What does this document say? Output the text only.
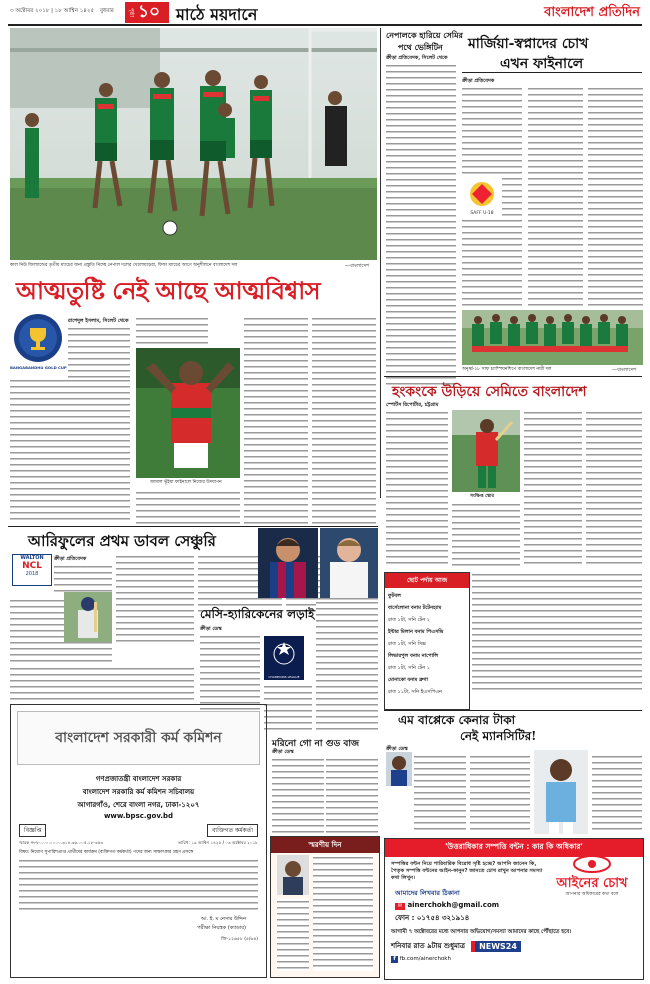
৩ অক্টোবর ২০১৮ | ১৮ আশ্বিন ১৪২৫ বুধবার	পৃষ্ঠা ১০ মাঠে ময়দানে	বাংলাদেশ প্রতিদিন
কাল নিউ জিল্যান্ডের তৃতীয় ম্যাচের জন্য প্রস্তুতি নিচ্ছে নেপাল দলের খেলোয়াড়রা, ফিফা ম্যাচের আগে অনুশীলনে বাংলাদেশ দল	—বাংলাদেশ
নেপালকে হারিয়ে সেমির
পথে ভেঙ্গিটিন
ক্রীড়া প্রতিবেদক, সিলেট থেকে
মার্জিয়া-স্বপ্নাদের চোখ
এখন ফাইনালে
ক্রীড়া প্রতিবেদক
SAFF U-18
অনূর্ধ্ব-১৮ সাফ চ্যাম্পিয়নশিপে বাংলাদেশ নারী দল	—বাংলাদেশ
আত্মতুষ্টি নেই আছে আত্মবিশ্বাস
BANGABANDHU GOLD CUP
রাশেদুল ইসলাম, সিলেট থেকে
জামাল ভূঁইয়া ফাইনালে নিজের উদযাপন
হংকংকে উড়িয়ে সেমিতে বাংলাদেশ
স্পোর্টস রিপোর্টার, চট্টগ্রাম
সংক্ষিপ্ত স্কোর
আরিফুলের প্রথম ডাবল সেঞ্চুরি
WALTON
NCL
2018
ক্রীড়া প্রতিবেদক
মেসি-হ্যারিকেনের লড়াই
ক্রীড়া ডেস্ক
CHAMPIONS LEAGUE
ছোট পর্দায় আজ
ফুটবল
বার্সেলোনা বনাম টটেনহ্যাম
রাত ১টা, সনি টেন ২
ইন্টার মিলান বনাম পিএসভি
রাত ১টা, সনি সিক্স
লিভারপুল বনাম নাপোলি
রাত ১টা, সনি টেন ১
মোনাকো বনাম ব্রুগা
রাত ১১টা, সনি ইএসপিএন
এম বাপ্পেকে কেনার টাকা
নেই ম্যানসিটির!
ক্রীড়া ডেস্ক
মরিনো গো না গুড বাজ
ক্রীড়া ডেস্ক
বাংলাদেশ সরকারী কর্ম কমিশন
গণপ্রজাতন্ত্রী বাংলাদেশ সরকার
বাংলাদেশ সরকারি কর্ম কমিশন সচিবালয়
আগারগাঁও, শেরে বাংলা নগর, ঢাকা-১২০৭
www.bpsc.gov.bd
বিজ্ঞপ্তি	ব্যক্তিগত কর্মকর্তা
স্মারক নং-৮০.০০.০০০০.৩১৪.৩৬.০০৫.১৮-৩৫৩	তারিখ: ১৯ আশ্বিন ১৪২৫ / ০৩ অক্টোবর ২০১৮
বিষয়: নিয়োগ সুপারিশপ্রাপ্ত প্রার্থীদের কার্যক্রম (ব্যক্তিগত কর্মকর্তা) পদের জন্য সাক্ষাৎকার গ্রহণ প্রসঙ্গে
আ. ই. ম নেসার উদ্দিন
পরীক্ষা নিয়ন্ত্রক (ক্যাডার)
জি-১২৬৫৮ (৫/৬৪)
স্মরণীয় দিন	'উত্তরাধিকার সম্পত্তি বন্টন : কার কি অধিকার'
সম্পত্তির বন্টন নিয়ে পারিবারিক বিরোধ সৃষ্টি হচ্ছে? আপনি জানেন কি, পৈতৃক সম্পত্তি বন্টনের আইন-কানুন? জানতে চোখ রাখুন আপনার সমস্যা কথা লিখুন।	আইনের চোখ
আপনার অধিকারের কথা বলে
আমাদের লিখবার ঠিকানা
✉ ainerchokh@gmail.com
ফোন : ০১৭৫৪ ৩২১৯১৪
আগামী ৭ অক্টোবরের মধ্যে আপনার অভিযোগ/সমস্যা আমাদের কাছে পৌঁছাতে হবে।
শনিবার রাত ৯টায় শুধুমাত্র	NEWS24
f fb.com/ainerchokh
